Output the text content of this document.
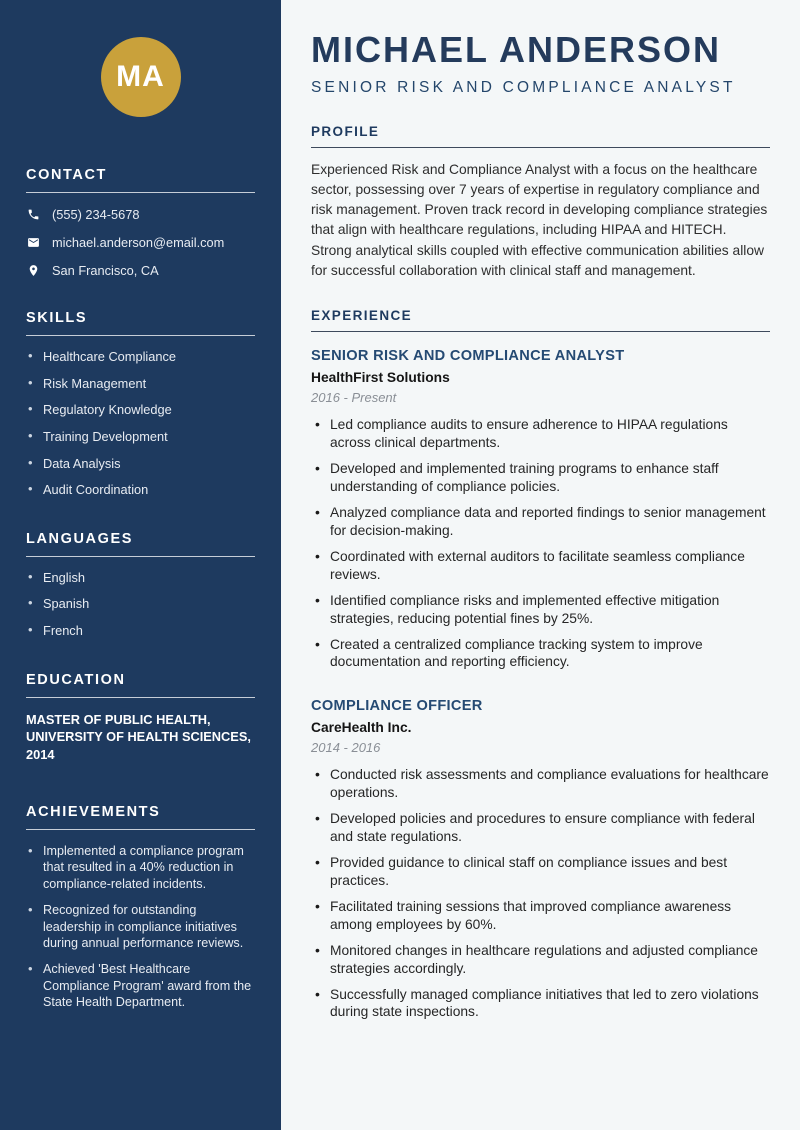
MA
CONTACT
(555) 234-5678
michael.anderson@email.com
San Francisco, CA
SKILLS
• Healthcare Compliance
• Risk Management
• Regulatory Knowledge
• Training Development
• Data Analysis
• Audit Coordination
LANGUAGES
• English
• Spanish
• French
EDUCATION
MASTER OF PUBLIC HEALTH,
UNIVERSITY OF HEALTH SCIENCES,
2014
ACHIEVEMENTS
• Implemented a compliance program that resulted in a 40% reduction in compliance-related incidents.
• Recognized for outstanding leadership in compliance initiatives during annual performance reviews.
• Achieved 'Best Healthcare Compliance Program' award from the State Health Department.
MICHAEL ANDERSON
SENIOR RISK AND COMPLIANCE ANALYST
PROFILE

Experienced Risk and Compliance Analyst with a focus on the healthcare sector, possessing over 7 years of expertise in regulatory compliance and risk management. Proven track record in developing compliance strategies that align with healthcare regulations, including HIPAA and HITECH. Strong analytical skills coupled with effective communication abilities allow for successful collaboration with clinical staff and management.

EXPERIENCE
SENIOR RISK AND COMPLIANCE ANALYST
HealthFirst Solutions
2016 - Present
• Led compliance audits to ensure adherence to HIPAA regulations across clinical departments.
• Developed and implemented training programs to enhance staff understanding of compliance policies.
• Analyzed compliance data and reported findings to senior management for decision-making.
• Coordinated with external auditors to facilitate seamless compliance reviews.
• Identified compliance risks and implemented effective mitigation strategies, reducing potential fines by 25%.
• Created a centralized compliance tracking system to improve documentation and reporting efficiency.
COMPLIANCE OFFICER
CareHealth Inc.
2014 - 2016
• Conducted risk assessments and compliance evaluations for healthcare operations.
• Developed policies and procedures to ensure compliance with federal and state regulations.
• Provided guidance to clinical staff on compliance issues and best practices.
• Facilitated training sessions that improved compliance awareness among employees by 60%.
• Monitored changes in healthcare regulations and adjusted compliance strategies accordingly.
• Successfully managed compliance initiatives that led to zero violations during state inspections.
